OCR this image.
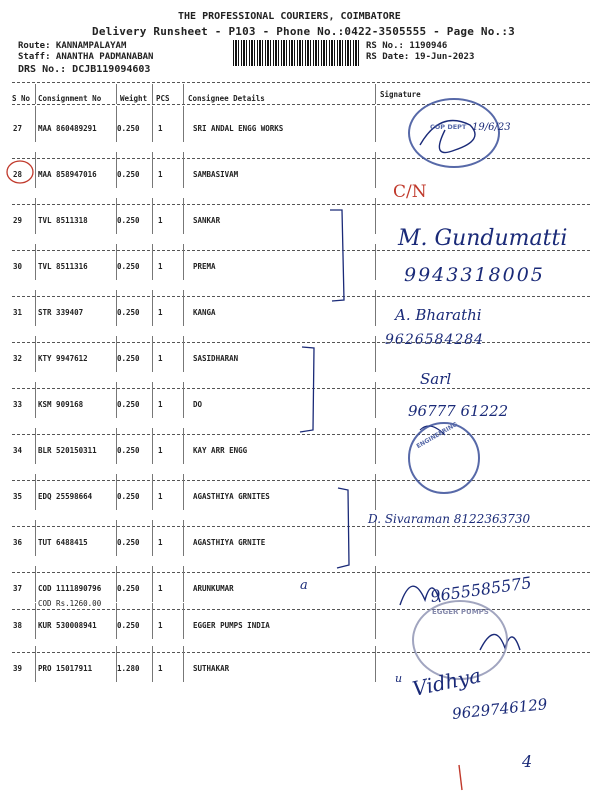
THE PROFESSIONAL COURIERS, COIMBATORE
Delivery Runsheet - P103 - Phone No.:0422-3505555 - Page No.:3
Route: KANNAMPALAYAM
Staff: ANANTHA PADMANABAN
DRS No.: DCJB119094603
RS No.: 1190946
RS Date: 19-Jun-2023
S No Consignment No	Weight PCS Consignee Details	Signature
27 MAA 860489291	0.250 1	SRI ANDAL ENGG WORKS
28 MAA 858947016	0.250 1	SAMBASIVAM
29 TVL 8511318	0.250 1	SANKAR
30 TVL 8511316	0.250 1	PREMA
31 STR 339407	0.250 1	KANGA
32 KTY 9947612	0.250 1	SASIDHARAN
33 KSM 909168	0.250 1	DO
34 BLR 520150311	0.250 1	KAY ARR ENGG
35 EDQ 25598664	0.250 1	AGASTHIYA GRNITES
36 TUT 6488415	0.250 1	AGASTHIYA GRNITE
37 COD 1111890796 0.250 1	ARUNKUMAR
38 KUR 530008941	0.250 1	EGGER PUMPS INDIA
39 PRO 15017911	1.280 1	SUTHAKAR
COD Rs.1260.00
COP DEPT
ENGINEERING
EGGER PUMPS
19/6/23
C/N
M. Gundumatti
9943318005
A. Bharathi
9626584284
Sarl
96777 61222
D. Sivaraman 8122363730
9655585575
a
u Vidhya
9629746129
4
